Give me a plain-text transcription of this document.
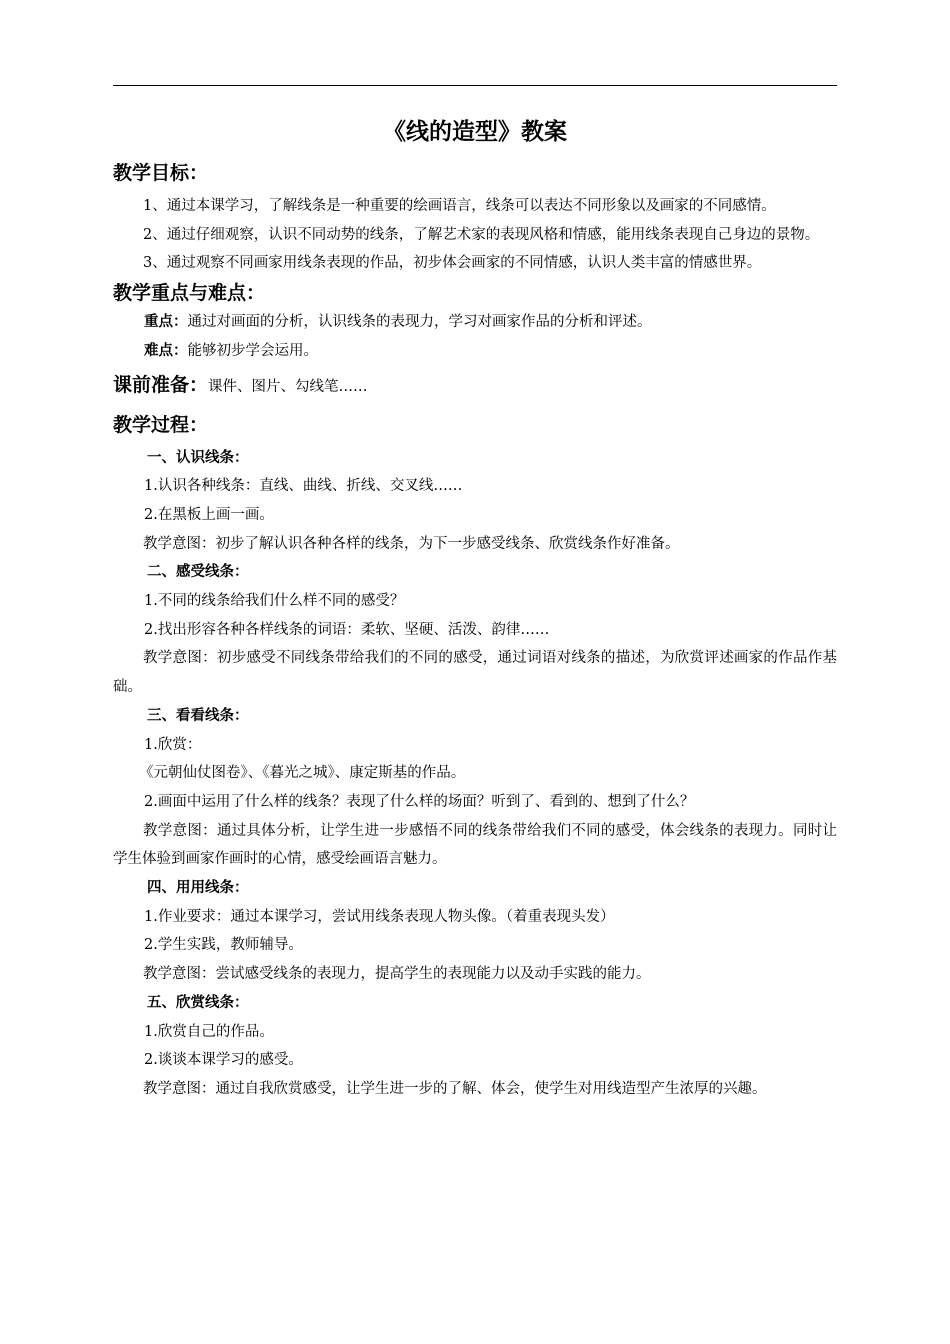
《线的造型》教案
教学目标：

1、通过本课学习，了解线条是一种重要的绘画语言，线条可以表达不同形象以及画家的不同感情。

2、通过仔细观察，认识不同动势的线条，了解艺术家的表现风格和情感，能用线条表现自己身边的景物。

3、通过观察不同画家用线条表现的作品，初步体会画家的不同情感，认识人类丰富的情感世界。

教学重点与难点：

重点：通过对画面的分析，认识线条的表现力，学习对画家作品的分析和评述。

难点：能够初步学会运用。

课前准备：课件、图片、勾线笔……
教学过程：

一、认识线条：

1.认识各种线条：直线、曲线、折线、交叉线……

2.在黑板上画一画。

教学意图：初步了解认识各种各样的线条，为下一步感受线条、欣赏线条作好准备。

二、感受线条：

1.不同的线条给我们什么样不同的感受？

2.找出形容各种各样线条的词语：柔软、坚硬、活泼、韵律……

教学意图：初步感受不同线条带给我们的不同的感受，通过词语对线条的描述，为欣赏评述画家的作品作基础。

三、看看线条：

1.欣赏：

《元朝仙仗图卷》、《暮光之城》、康定斯基的作品。

2.画面中运用了什么样的线条？表现了什么样的场面？听到了、看到的、想到了什么？

教学意图：通过具体分析，让学生进一步感悟不同的线条带给我们不同的感受，体会线条的表现力。同时让学生体验到画家作画时的心情，感受绘画语言魅力。

四、用用线条：

1.作业要求：通过本课学习，尝试用线条表现人物头像。（着重表现头发）

2.学生实践，教师辅导。

教学意图：尝试感受线条的表现力，提高学生的表现能力以及动手实践的能力。

五、欣赏线条：

1.欣赏自己的作品。

2.谈谈本课学习的感受。

教学意图：通过自我欣赏感受，让学生进一步的了解、体会，使学生对用线造型产生浓厚的兴趣。
